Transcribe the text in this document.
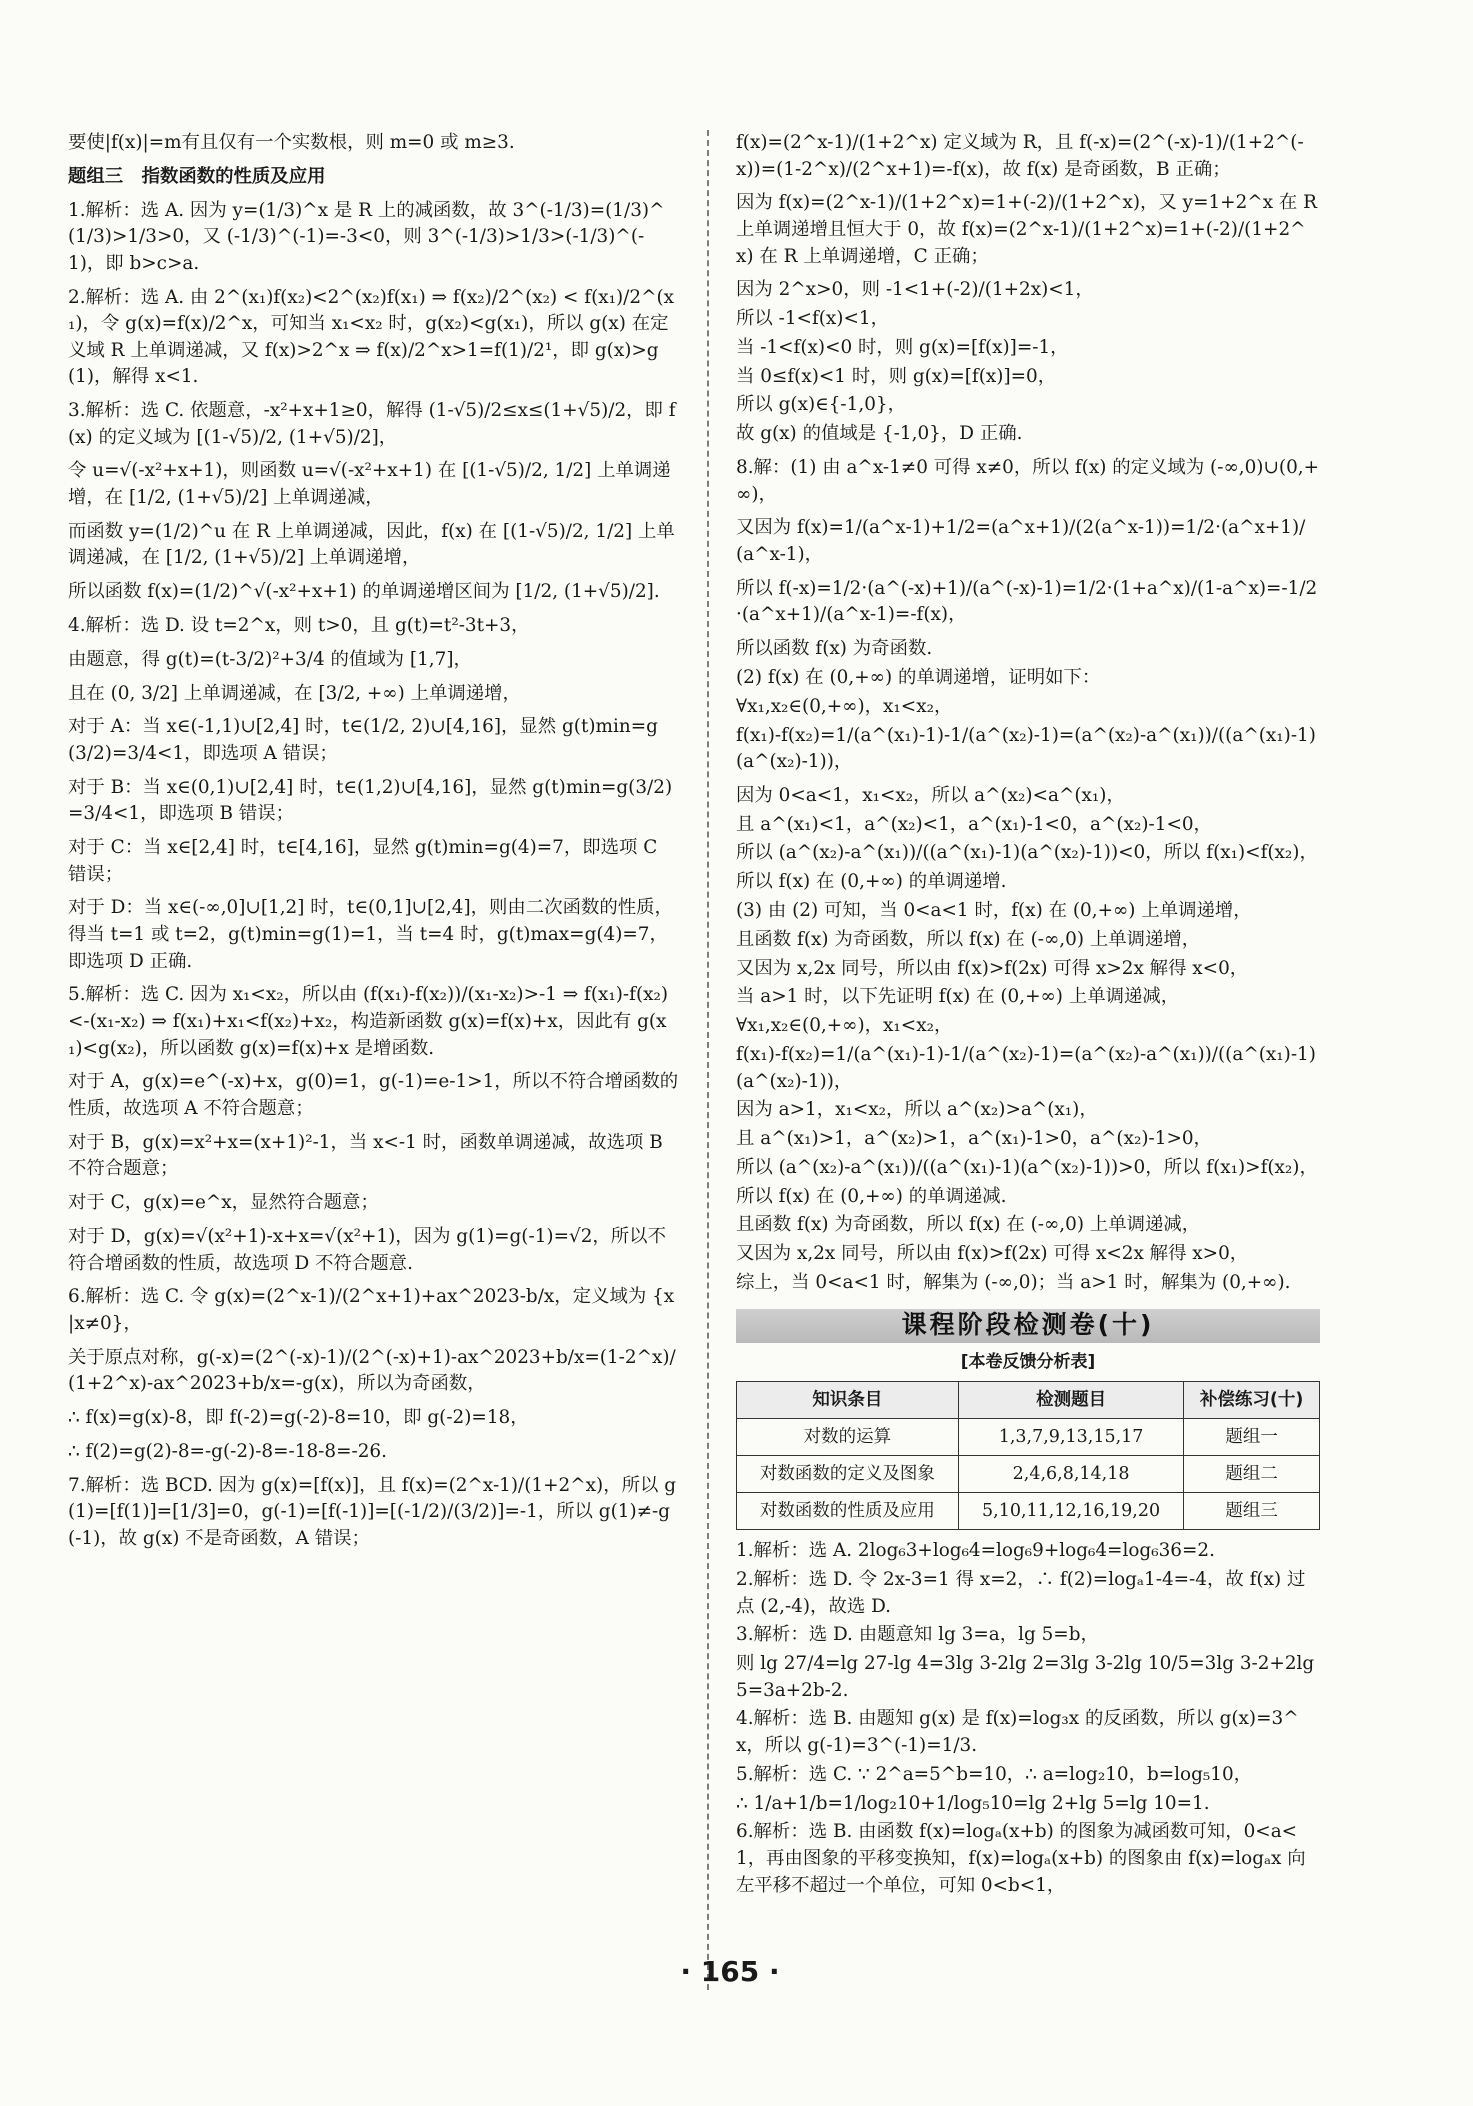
要使|f(x)|=m有且仅有一个实数根，则 m=0 或 m≥3.

题组三　指数函数的性质及应用

1.解析：选 A. 因为 y=(1/3)^x 是 R 上的减函数，故 3^(-1/3)=(1/3)^(1/3)>1/3>0，又 (-1/3)^(-1)=-3<0，则 3^(-1/3)>1/3>(-1/3)^(-1)，即 b>c>a.

2.解析：选 A. 由 2^(x₁)f(x₂)<2^(x₂)f(x₁) ⇒ f(x₂)/2^(x₂) < f(x₁)/2^(x₁)，令 g(x)=f(x)/2^x，可知当 x₁<x₂ 时，g(x₂)<g(x₁)，所以 g(x) 在定义域 R 上单调递减，又 f(x)>2^x ⇒ f(x)/2^x>1=f(1)/2¹，即 g(x)>g(1)，解得 x<1.

3.解析：选 C. 依题意，-x²+x+1≥0，解得 (1-√5)/2≤x≤(1+√5)/2，即 f(x) 的定义域为 [(1-√5)/2, (1+√5)/2]，

令 u=√(-x²+x+1)，则函数 u=√(-x²+x+1) 在 [(1-√5)/2, 1/2] 上单调递增，在 [1/2, (1+√5)/2] 上单调递减，

而函数 y=(1/2)^u 在 R 上单调递减，因此，f(x) 在 [(1-√5)/2, 1/2] 上单调递减，在 [1/2, (1+√5)/2] 上单调递增，

所以函数 f(x)=(1/2)^√(-x²+x+1) 的单调递增区间为 [1/2, (1+√5)/2].

4.解析：选 D. 设 t=2^x，则 t>0，且 g(t)=t²-3t+3，

由题意，得 g(t)=(t-3/2)²+3/4 的值域为 [1,7]，

且在 (0, 3/2] 上单调递减，在 [3/2, +∞) 上单调递增，

对于 A：当 x∈(-1,1)∪[2,4] 时，t∈(1/2, 2)∪[4,16]，显然 g(t)min=g(3/2)=3/4<1，即选项 A 错误；

对于 B：当 x∈(0,1)∪[2,4] 时，t∈(1,2)∪[4,16]，显然 g(t)min=g(3/2)=3/4<1，即选项 B 错误；

对于 C：当 x∈[2,4] 时，t∈[4,16]，显然 g(t)min=g(4)=7，即选项 C 错误；

对于 D：当 x∈(-∞,0]∪[1,2] 时，t∈(0,1]∪[2,4]，则由二次函数的性质，得当 t=1 或 t=2，g(t)min=g(1)=1，当 t=4 时，g(t)max=g(4)=7，即选项 D 正确.

5.解析：选 C. 因为 x₁<x₂，所以由 (f(x₁)-f(x₂))/(x₁-x₂)>-1 ⇒ f(x₁)-f(x₂)<-(x₁-x₂) ⇒ f(x₁)+x₁<f(x₂)+x₂，构造新函数 g(x)=f(x)+x，因此有 g(x₁)<g(x₂)，所以函数 g(x)=f(x)+x 是增函数.

对于 A，g(x)=e^(-x)+x，g(0)=1，g(-1)=e-1>1，所以不符合增函数的性质，故选项 A 不符合题意；

对于 B，g(x)=x²+x=(x+1)²-1，当 x<-1 时，函数单调递减，故选项 B 不符合题意；

对于 C，g(x)=e^x，显然符合题意；

对于 D，g(x)=√(x²+1)-x+x=√(x²+1)，因为 g(1)=g(-1)=√2，所以不符合增函数的性质，故选项 D 不符合题意.

6.解析：选 C. 令 g(x)=(2^x-1)/(2^x+1)+ax^2023-b/x，定义域为 {x|x≠0}，

关于原点对称，g(-x)=(2^(-x)-1)/(2^(-x)+1)-ax^2023+b/x=(1-2^x)/(1+2^x)-ax^2023+b/x=-g(x)，所以为奇函数，

∴ f(x)=g(x)-8，即 f(-2)=g(-2)-8=10，即 g(-2)=18，

∴ f(2)=g(2)-8=-g(-2)-8=-18-8=-26.

7.解析：选 BCD. 因为 g(x)=[f(x)]，且 f(x)=(2^x-1)/(1+2^x)，所以 g(1)=[f(1)]=[1/3]=0，g(-1)=[f(-1)]=[(-1/2)/(3/2)]=-1，所以 g(1)≠-g(-1)，故 g(x) 不是奇函数，A 错误；

f(x)=(2^x-1)/(1+2^x) 定义域为 R，且 f(-x)=(2^(-x)-1)/(1+2^(-x))=(1-2^x)/(2^x+1)=-f(x)，故 f(x) 是奇函数，B 正确；

因为 f(x)=(2^x-1)/(1+2^x)=1+(-2)/(1+2^x)，又 y=1+2^x 在 R 上单调递增且恒大于 0，故 f(x)=(2^x-1)/(1+2^x)=1+(-2)/(1+2^x) 在 R 上单调递增，C 正确；

因为 2^x>0，则 -1<1+(-2)/(1+2x)<1，

所以 -1<f(x)<1，

当 -1<f(x)<0 时，则 g(x)=[f(x)]=-1，

当 0≤f(x)<1 时，则 g(x)=[f(x)]=0，

所以 g(x)∈{-1,0}，

故 g(x) 的值域是 {-1,0}，D 正确.

8.解：(1) 由 a^x-1≠0 可得 x≠0，所以 f(x) 的定义域为 (-∞,0)∪(0,+∞)，

又因为 f(x)=1/(a^x-1)+1/2=(a^x+1)/(2(a^x-1))=1/2·(a^x+1)/(a^x-1)，

所以 f(-x)=1/2·(a^(-x)+1)/(a^(-x)-1)=1/2·(1+a^x)/(1-a^x)=-1/2·(a^x+1)/(a^x-1)=-f(x)，

所以函数 f(x) 为奇函数.

(2) f(x) 在 (0,+∞) 的单调递增，证明如下：

∀x₁,x₂∈(0,+∞)，x₁<x₂，

f(x₁)-f(x₂)=1/(a^(x₁)-1)-1/(a^(x₂)-1)=(a^(x₂)-a^(x₁))/((a^(x₁)-1)(a^(x₂)-1))，

因为 0<a<1，x₁<x₂，所以 a^(x₂)<a^(x₁)，

且 a^(x₁)<1，a^(x₂)<1，a^(x₁)-1<0，a^(x₂)-1<0，

所以 (a^(x₂)-a^(x₁))/((a^(x₁)-1)(a^(x₂)-1))<0，所以 f(x₁)<f(x₂)，

所以 f(x) 在 (0,+∞) 的单调递增.

(3) 由 (2) 可知，当 0<a<1 时，f(x) 在 (0,+∞) 上单调递增，

且函数 f(x) 为奇函数，所以 f(x) 在 (-∞,0) 上单调递增，

又因为 x,2x 同号，所以由 f(x)>f(2x) 可得 x>2x 解得 x<0，

当 a>1 时，以下先证明 f(x) 在 (0,+∞) 上单调递减，

∀x₁,x₂∈(0,+∞)，x₁<x₂，

f(x₁)-f(x₂)=1/(a^(x₁)-1)-1/(a^(x₂)-1)=(a^(x₂)-a^(x₁))/((a^(x₁)-1)(a^(x₂)-1))，

因为 a>1，x₁<x₂，所以 a^(x₂)>a^(x₁)，

且 a^(x₁)>1，a^(x₂)>1，a^(x₁)-1>0，a^(x₂)-1>0，

所以 (a^(x₂)-a^(x₁))/((a^(x₁)-1)(a^(x₂)-1))>0，所以 f(x₁)>f(x₂)，

所以 f(x) 在 (0,+∞) 的单调递减.

且函数 f(x) 为奇函数，所以 f(x) 在 (-∞,0) 上单调递减，

又因为 x,2x 同号，所以由 f(x)>f(2x) 可得 x<2x 解得 x>0，

综上，当 0<a<1 时，解集为 (-∞,0)；当 a>1 时，解集为 (0,+∞).

课程阶段检测卷(十)
[本卷反馈分析表]
知识条目	检测题目	补偿练习(十)
对数的运算	1,3,7,9,13,15,17	题组一
对数函数的定义及图象	2,4,6,8,14,18	题组二
对数函数的性质及应用	5,10,11,12,16,19,20	题组三

1.解析：选 A. 2log₆3+log₆4=log₆9+log₆4=log₆36=2.

2.解析：选 D. 令 2x-3=1 得 x=2，∴ f(2)=logₐ1-4=-4，故 f(x) 过点 (2,-4)，故选 D.

3.解析：选 D. 由题意知 lg 3=a，lg 5=b，

则 lg 27/4=lg 27-lg 4=3lg 3-2lg 2=3lg 3-2lg 10/5=3lg 3-2+2lg 5=3a+2b-2.

4.解析：选 B. 由题知 g(x) 是 f(x)=log₃x 的反函数，所以 g(x)=3^x，所以 g(-1)=3^(-1)=1/3.

5.解析：选 C. ∵ 2^a=5^b=10，∴ a=log₂10，b=log₅10，

∴ 1/a+1/b=1/log₂10+1/log₅10=lg 2+lg 5=lg 10=1.

6.解析：选 B. 由函数 f(x)=logₐ(x+b) 的图象为减函数可知，0<a<1，再由图象的平移变换知，f(x)=logₐ(x+b) 的图象由 f(x)=logₐx 向左平移不超过一个单位，可知 0<b<1，

· 165 ·
